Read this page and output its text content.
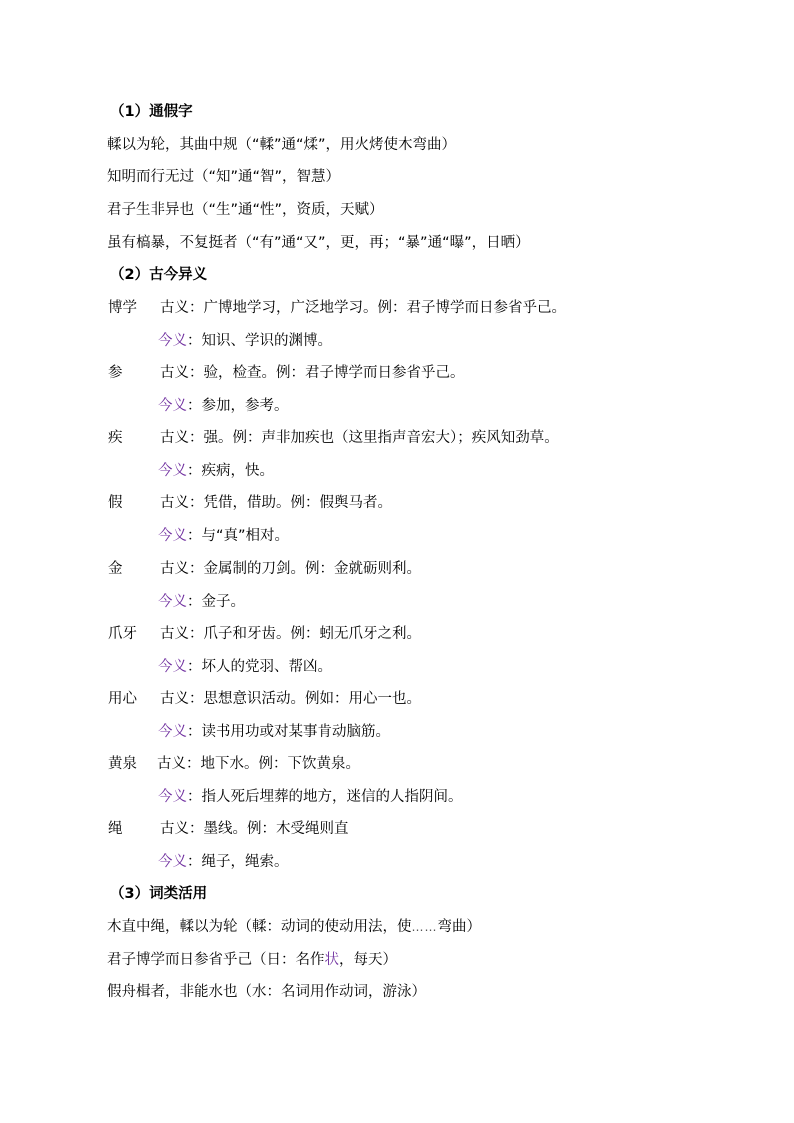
（1）通假字
輮以为轮，其曲中规（“輮”通“煣”，用火烤使木弯曲）
知明而行无过（“知”通“智”，智慧）
君子生非异也（“生”通“性”，资质，天赋）
虽有槁暴，不复挺者（“有”通“又”，更，再；“暴”通“曝”，日晒）
（2）古今异义
博学 古义：广博地学习，广泛地学习。例：君子博学而日参省乎己。
今义：知识、学识的渊博。
参	古义：验，检查。例：君子博学而日参省乎己。
今义：参加，参考。
疾	古义：强。例：声非加疾也（这里指声音宏大）；疾风知劲草。
今义：疾病，快。
假	古义：凭借，借助。例：假舆马者。
今义：与“真”相对。
金	古义：金属制的刀剑。例：金就砺则利。
今义：金子。
爪牙 古义：爪子和牙齿。例：蚓无爪牙之利。
今义：坏人的党羽、帮凶。
用心 古义：思想意识活动。例如：用心一也。
今义：读书用功或对某事肯动脑筋。
黄泉 古义：地下水。例：下饮黄泉。
今义：指人死后埋葬的地方，迷信的人指阴间。
绳	古义：墨线。例：木受绳则直
今义：绳子，绳索。
（3）词类活用
木直中绳，輮以为轮（輮：动词的使动用法，使……弯曲）
君子博学而日参省乎己（日：名作状，每天）
假舟楫者，非能水也（水：名词用作动词，游泳）
